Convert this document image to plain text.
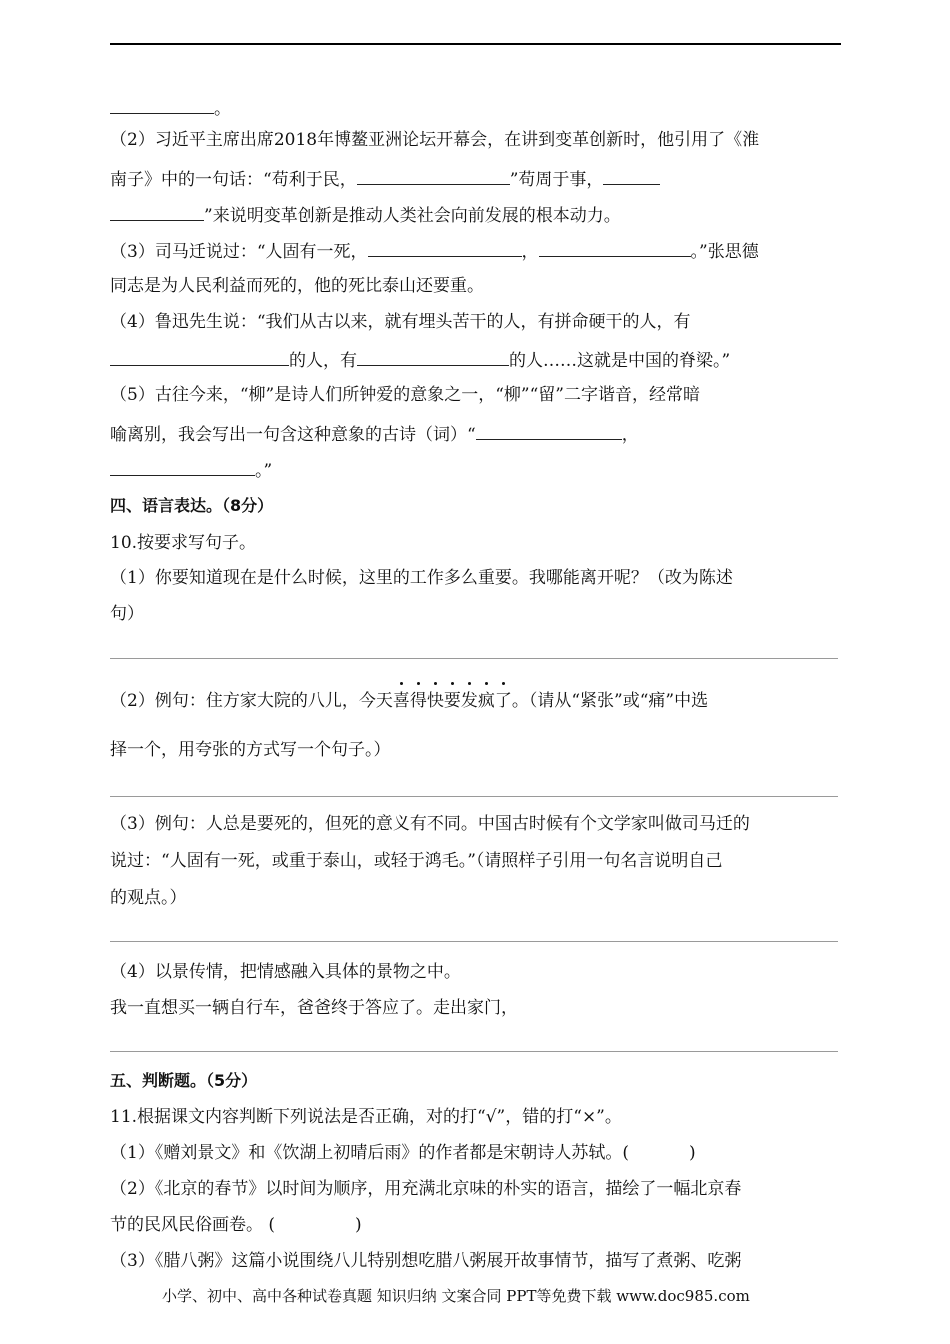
。
（2）习近平主席出席2018年博鳌亚洲论坛开幕会，在讲到变革创新时，他引用了《淮
南子》中的一句话：“苟利于民，	”苟周于事，
”来说明变革创新是推动人类社会向前发展的根本动力。
（3）司马迁说过：“人固有一死，	，	。”张思德
同志是为人民利益而死的，他的死比泰山还要重。
（4）鲁迅先生说：“我们从古以来，就有埋头苦干的人，有拼命硬干的人，有
的人，有	的人……这就是中国的脊梁。”
（5）古往今来，“柳”是诗人们所钟爱的意象之一，“柳”“留”二字谐音，经常暗
喻离别，我会写出一句含这种意象的古诗（词）“	，
。”
四、语言表达。（8分）
10.按要求写句子。
（1）你要知道现在是什么时候，这里的工作多么重要。我哪能离开呢？（改为陈述
句）
（2）例句：住方家大院的八儿，今天喜得快要发疯了。（请从“紧张”或“痛”中选
择一个，用夸张的方式写一个句子。）
（3）例句：人总是要死的，但死的意义有不同。中国古时候有个文学家叫做司马迁的
说过：“人固有一死，或重于泰山，或轻于鸿毛。”（请照样子引用一句名言说明自己
的观点。）
（4）以景传情，把情感融入具体的景物之中。
我一直想买一辆自行车，爸爸终于答应了。走出家门，
五、判断题。（5分）
11.根据课文内容判断下列说法是否正确，对的打“√”，错的打“×”。
（1）《赠刘景文》和《饮湖上初晴后雨》的作者都是宋朝诗人苏轼。(	)
（2）《北京的春节》以时间为顺序，用充满北京味的朴实的语言，描绘了一幅北京春
节的民风民俗画卷。 (	)
（3）《腊八粥》这篇小说围绕八儿特别想吃腊八粥展开故事情节，描写了煮粥、吃粥
小学、初中、高中各种试卷真题 知识归纳 文案合同 PPT等免费下载 www.doc985.com
